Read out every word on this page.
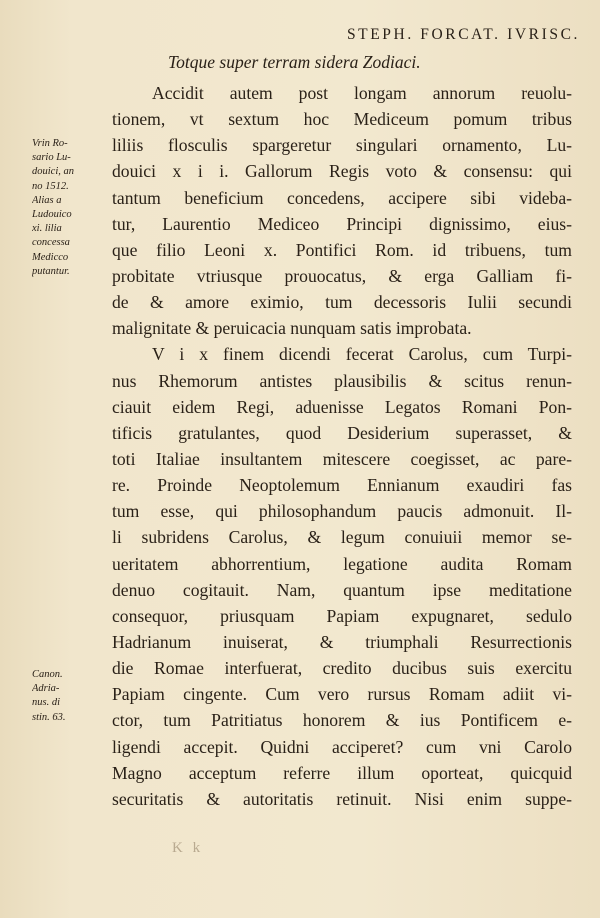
STEPH. FORCAT. IVRISC.
Totque super terram sidera Zodiaci.
Accidit autem post longam annorum reuolu-
tionem, vt sextum hoc Mediceum pomum tribus
liliis flosculis spargeretur singulari ornamento, Lu-
douici x i i. Gallorum Regis voto & consensu: qui
tantum beneficium concedens, accipere sibi videba-
tur, Laurentio Mediceo Principi dignissimo, eius-
que filio Leoni x. Pontifici Rom. id tribuens, tum
probitate vtriusque prouocatus, & erga Galliam fi-
de & amore eximio, tum decessoris Iulii secundi
malignitate & peruicacia nunquam satis improbata.
V i x finem dicendi fecerat Carolus, cum Turpi-
nus Rhemorum antistes plausibilis & scitus renun-
ciauit eidem Regi, aduenisse Legatos Romani Pon-
tificis gratulantes, quod Desiderium superasset, &
toti Italiae insultantem mitescere coegisset, ac pare-
re. Proinde Neoptolemum Ennianum exaudiri fas
tum esse, qui philosophandum paucis admonuit. Il-
li subridens Carolus, & legum conuiuii memor se-
ueritatem abhorrentium, legatione audita Romam
denuo cogitauit. Nam, quantum ipse meditatione
consequor, priusquam Papiam expugnaret, sedulo
Hadrianum inuiserat, & triumphali Resurrectionis
die Romae interfuerat, credito ducibus suis exercitu
Papiam cingente. Cum vero rursus Romam adiit vi-
ctor, tum Patritiatus honorem & ius Pontificem e-
ligendi accepit. Quidni acciperet? cum vni Carolo
Magno acceptum referre illum oporteat, quicquid
securitatis & autoritatis retinuit. Nisi enim suppe-
Vrin Ro-
sario Lu-
douici, an
no 1512.
Alias a
Ludouico
xi. lilia
concessa
Medicco
putantur.
Canon.
Adria-
nus. di
stin. 63.
K k
